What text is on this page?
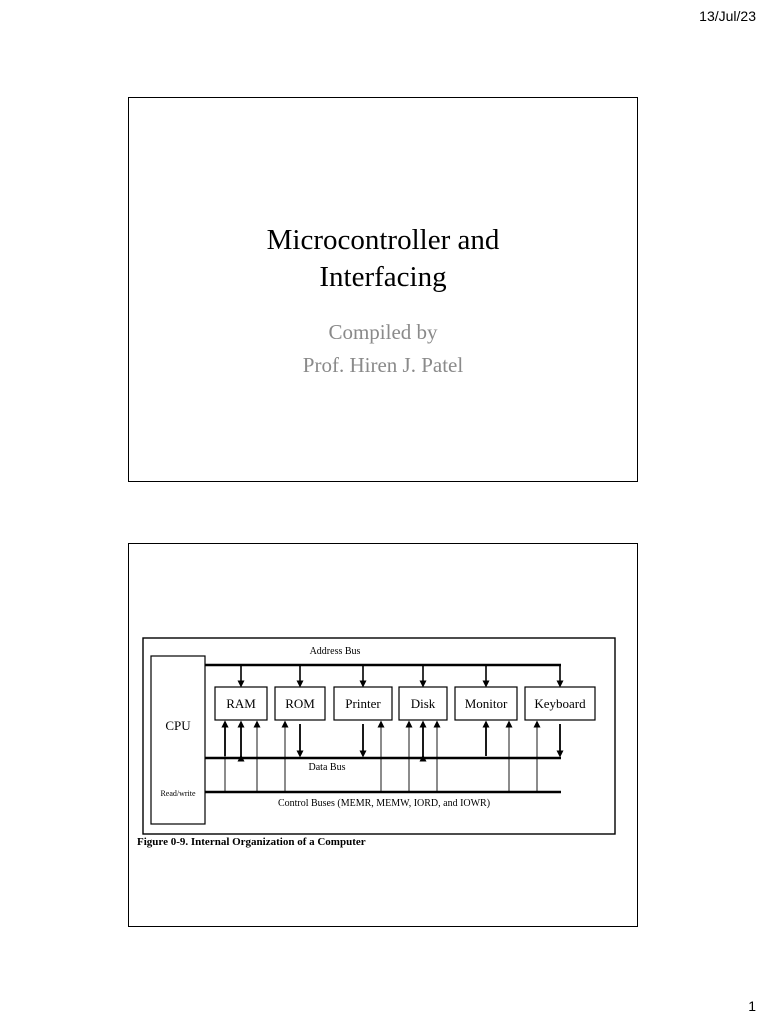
13/Jul/23
Microcontroller and
Interfacing
Compiled by
Prof. Hiren J. Patel
CPU
Read/write
Address Bus
Data Bus
Control Buses (MEMR, MEMW, IORD, and IOWR)
RAM ROM Printer Disk Monitor Keyboard
Figure 0-9. Internal Organization of a Computer
1
